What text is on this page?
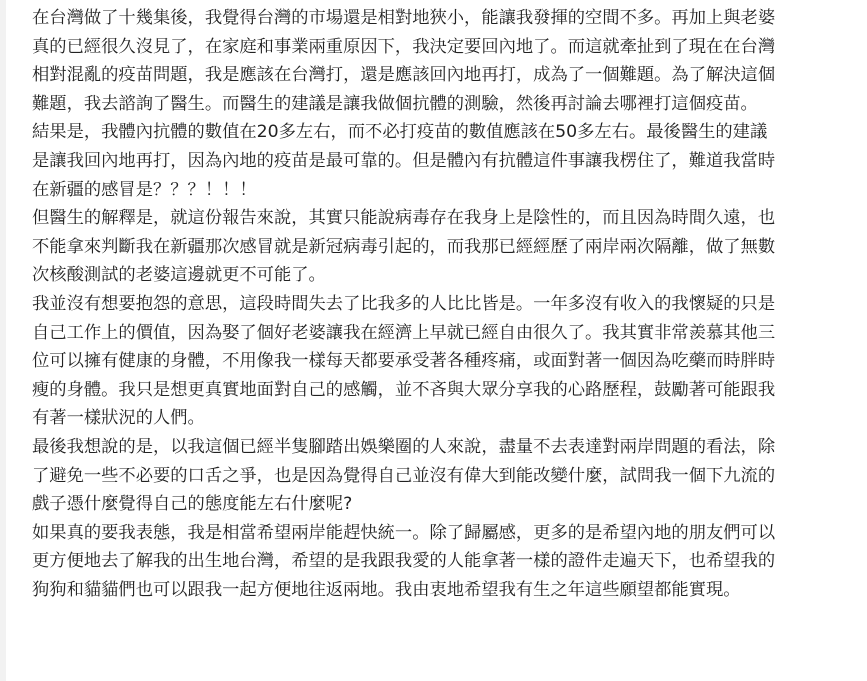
在台灣做了十幾集後，我覺得台灣的市場還是相對地狹小，能讓我發揮的空間不多。再加上與老婆
真的已經很久沒見了，在家庭和事業兩重原因下，我決定要回內地了。而這就牽扯到了現在在台灣
相對混亂的疫苗問題，我是應該在台灣打，還是應該回內地再打，成為了一個難題。為了解決這個
難題，我去諮詢了醫生。而醫生的建議是讓我做個抗體的測驗，然後再討論去哪裡打這個疫苗。

結果是，我體內抗體的數值在20多左右，而不必打疫苗的數值應該在50多左右。最後醫生的建議
是讓我回內地再打，因為內地的疫苗是最可靠的。但是體內有抗體這件事讓我楞住了，難道我當時
在新疆的感冒是？？？！！！

但醫生的解釋是，就這份報告來說，其實只能說病毒存在我身上是陰性的，而且因為時間久遠，也
不能拿來判斷我在新疆那次感冒就是新冠病毒引起的，而我那已經經歷了兩岸兩次隔離，做了無數
次核酸測試的老婆這邊就更不可能了。

我並沒有想要抱怨的意思，這段時間失去了比我多的人比比皆是。一年多沒有收入的我懷疑的只是
自己工作上的價值，因為娶了個好老婆讓我在經濟上早就已經自由很久了。我其實非常羨慕其他三
位可以擁有健康的身體，不用像我一樣每天都要承受著各種疼痛，或面對著一個因為吃藥而時胖時
瘦的身體。我只是想更真實地面對自己的感觸，並不吝與大眾分享我的心路歷程，鼓勵著可能跟我
有著一樣狀況的人們。

最後我想說的是，以我這個已經半隻腳踏出娛樂圈的人來說，盡量不去表達對兩岸問題的看法，除
了避免一些不必要的口舌之爭，也是因為覺得自己並沒有偉大到能改變什麼，試問我一個下九流的
戲子憑什麼覺得自己的態度能左右什麼呢?

如果真的要我表態，我是相當希望兩岸能趕快統一。除了歸屬感，更多的是希望內地的朋友們可以
更方便地去了解我的出生地台灣，希望的是我跟我愛的人能拿著一樣的證件走遍天下，也希望我的
狗狗和貓貓們也可以跟我一起方便地往返兩地。我由衷地希望我有生之年這些願望都能實現。
